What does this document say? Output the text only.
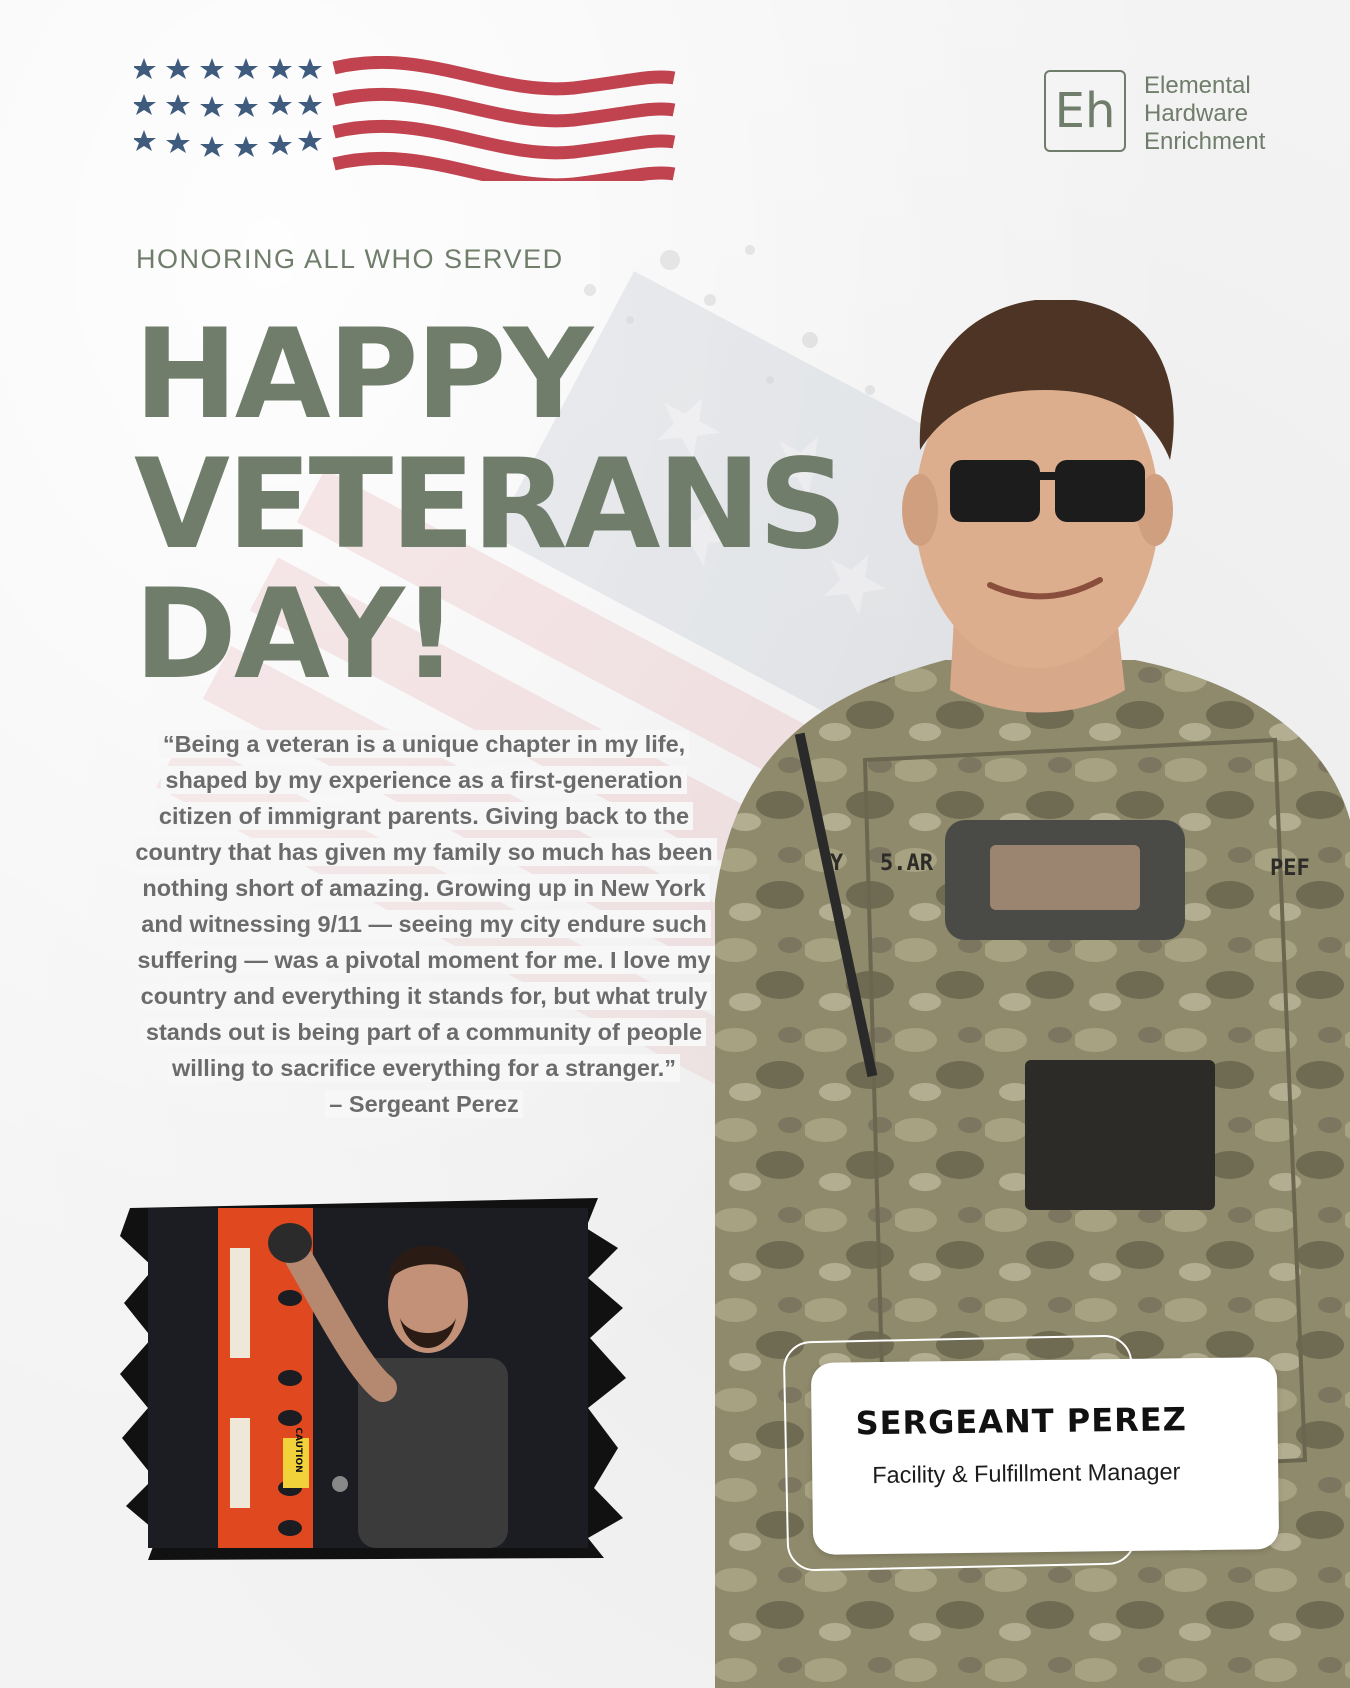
Eh	Elemental
Hardware
Enrichment
HONORING ALL WHO SERVED
HAPPY
VETERANS
DAY!
“Being a veteran is a unique chapter in my life, shaped by my experience as a first-generation citizen of immigrant parents. Giving back to the country that has given my family so much has been nothing short of amazing. Growing up in New York and witnessing 9/11 — seeing my city endure such suffering — was a pivotal moment for me. I love my country and everything it stands for, but what truly stands out is being part of a community of people willing to sacrifice everything for a stranger.”
– Sergeant Perez
Y 5.AR	PEF
CAUTION
SERGEANT PEREZ
Facility & Fulfillment Manager
